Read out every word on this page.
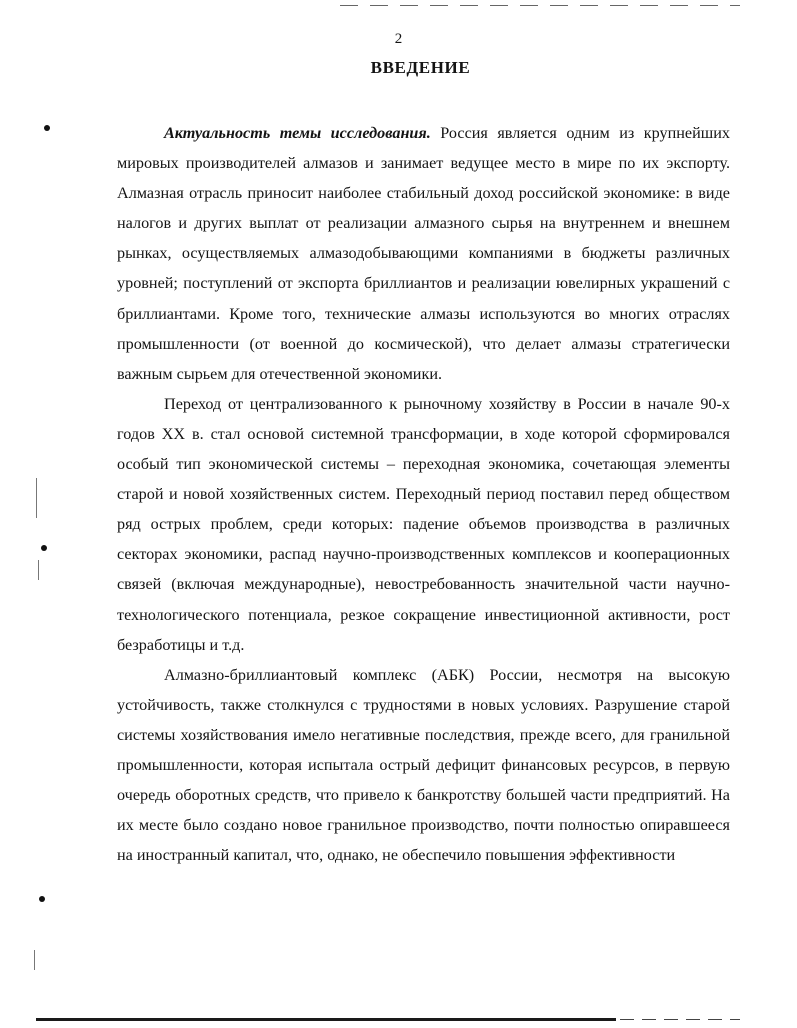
2
ВВЕДЕНИЕ

Актуальность темы исследования. Россия является одним из крупнейших мировых производителей алмазов и занимает ведущее место в мире по их экспорту. Алмазная отрасль приносит наиболее стабильный доход российской экономике: в виде налогов и других выплат от реализации алмазного сырья на внутреннем и внешнем рынках, осуществляемых алмазодобывающими компаниями в бюджеты различных уровней; поступлений от экспорта бриллиантов и реализации ювелирных украшений с бриллиантами. Кроме того, технические алмазы используются во многих отраслях промышленности (от военной до космической), что делает алмазы стратегически важным сырьем для отечественной экономики.

Переход от централизованного к рыночному хозяйству в России в начале 90-х годов XX в. стал основой системной трансформации, в ходе которой сформировался особый тип экономической системы – переходная экономика, сочетающая элементы старой и новой хозяйственных систем. Переходный период поставил перед обществом ряд острых проблем, среди которых: падение объемов производства в различных секторах экономики, распад научно-производственных комплексов и кооперационных связей (включая международные), невостребованность значительной части научно-технологического потенциала, резкое сокращение инвестиционной активности, рост безработицы и т.д.

Алмазно-бриллиантовый комплекс (АБК) России, несмотря на высокую устойчивость, также столкнулся с трудностями в новых условиях. Разрушение старой системы хозяйствования имело негативные последствия, прежде всего, для гранильной промышленности, которая испытала острый дефицит финансовых ресурсов, в первую очередь оборотных средств, что привело к банкротству большей части предприятий. На их месте было создано новое гранильное производство, почти полностью опиравшееся на иностранный капитал, что, однако, не обеспечило повышения эффективности
